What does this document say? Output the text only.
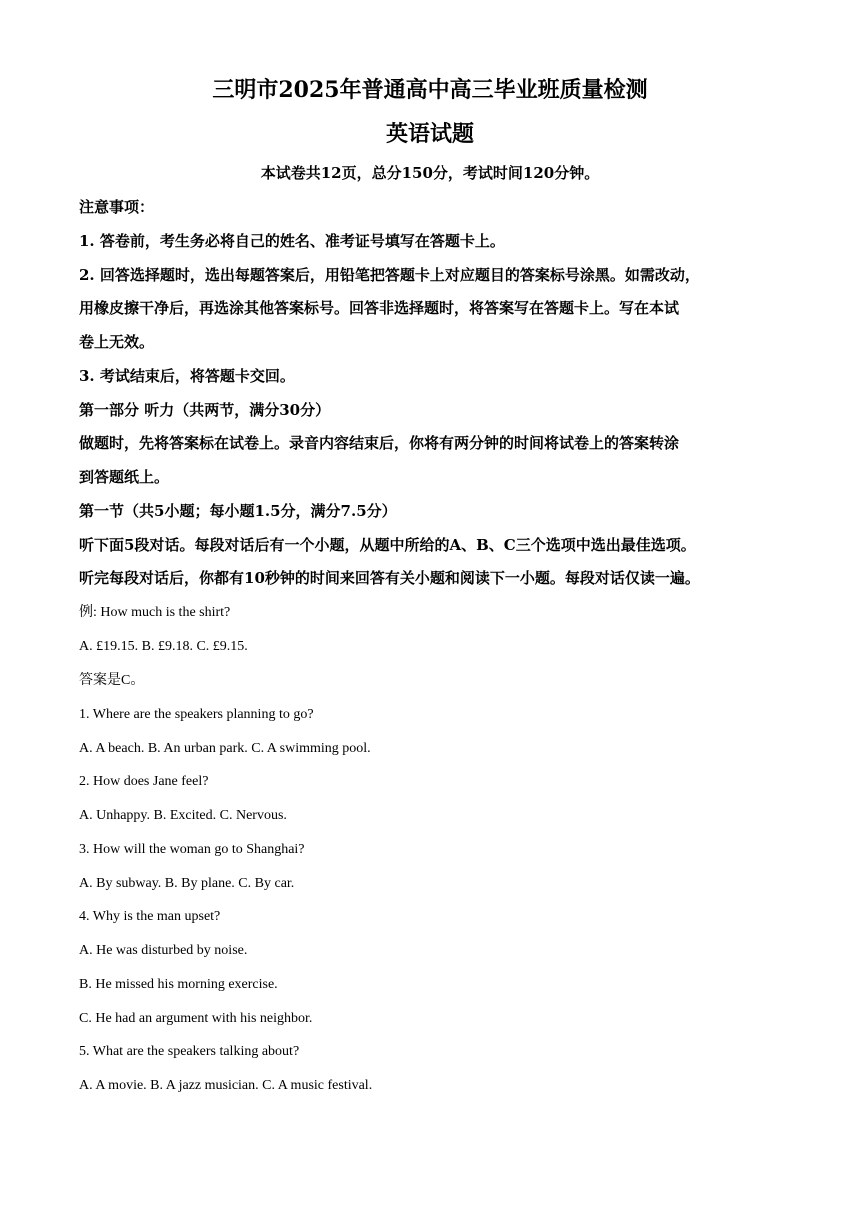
三明市2025年普通高中高三毕业班质量检测
英语试题
本试卷共12页，总分150分，考试时间120分钟。
注意事项：
1. 答卷前，考生务必将自己的姓名、准考证号填写在答题卡上。
2. 回答选择题时，选出每题答案后，用铅笔把答题卡上对应题目的答案标号涂黑。如需改动，
用橡皮擦干净后，再选涂其他答案标号。回答非选择题时，将答案写在答题卡上。写在本试
卷上无效。
3. 考试结束后，将答题卡交回。
第一部分 听力（共两节，满分30分）
做题时，先将答案标在试卷上。录音内容结束后，你将有两分钟的时间将试卷上的答案转涂
到答题纸上。
第一节（共5小题；每小题1.5分，满分7.5分）
听下面5段对话。每段对话后有一个小题，从题中所给的A、B、C三个选项中选出最佳选项。
听完每段对话后，你都有10秒钟的时间来回答有关小题和阅读下一小题。每段对话仅读一遍。
例: How much is the shirt?
A. £19.15. B. £9.18. C. £9.15.
答案是C。
1. Where are the speakers planning to go?
A. A beach. B. An urban park. C. A swimming pool.
2. How does Jane feel?
A. Unhappy. B. Excited. C. Nervous.
3. How will the woman go to Shanghai?
A. By subway. B. By plane. C. By car.
4. Why is the man upset?
A. He was disturbed by noise.
B. He missed his morning exercise.
C. He had an argument with his neighbor.
5. What are the speakers talking about?
A. A movie. B. A jazz musician. C. A music festival.
